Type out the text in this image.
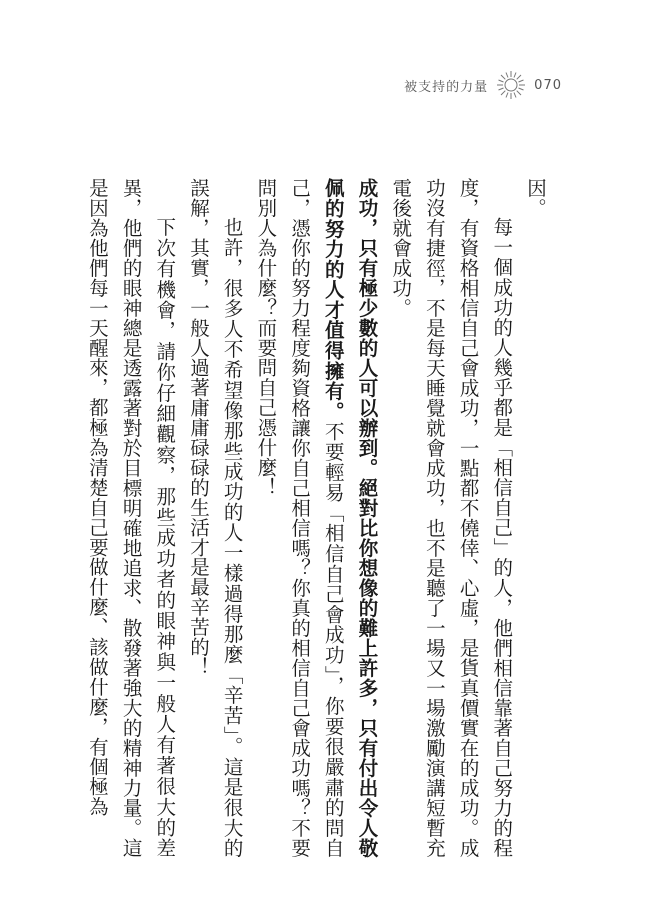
被支持的力量	070

因。

每一個成功的人幾乎都是「相信自己」的人，他們相信靠著自己努力的程度，有資格相信自己會成功，一點都不僥倖、心虛，是貨真價實在的成功。成功沒有捷徑，不是每天睡覺就會成功，也不是聽了一場又一場激勵演講短暫充電後就會成功。

成功，只有極少數的人可以辦到。絕對比你想像的難上許多，只有付出令人敬佩的努力的人才值得擁有。不要輕易「相信自己會成功」，你要很嚴肅的問自己，憑你的努力程度夠資格讓你自己相信嗎？你真的相信自己會成功嗎？不要問別人為什麼？而要問自己憑什麼！

也許，很多人不希望像那些成功的人一樣過得那麼「辛苦」。這是很大的誤解，其實，一般人過著庸庸碌碌的生活才是最辛苦的！

下次有機會，請你仔細觀察，那些成功者的眼神與一般人有著很大的差異，他們的眼神總是透露著對於目標明確地追求、散發著強大的精神力量。這是因為他們每一天醒來，都極為清楚自己要做什麼、該做什麼，有個極為
